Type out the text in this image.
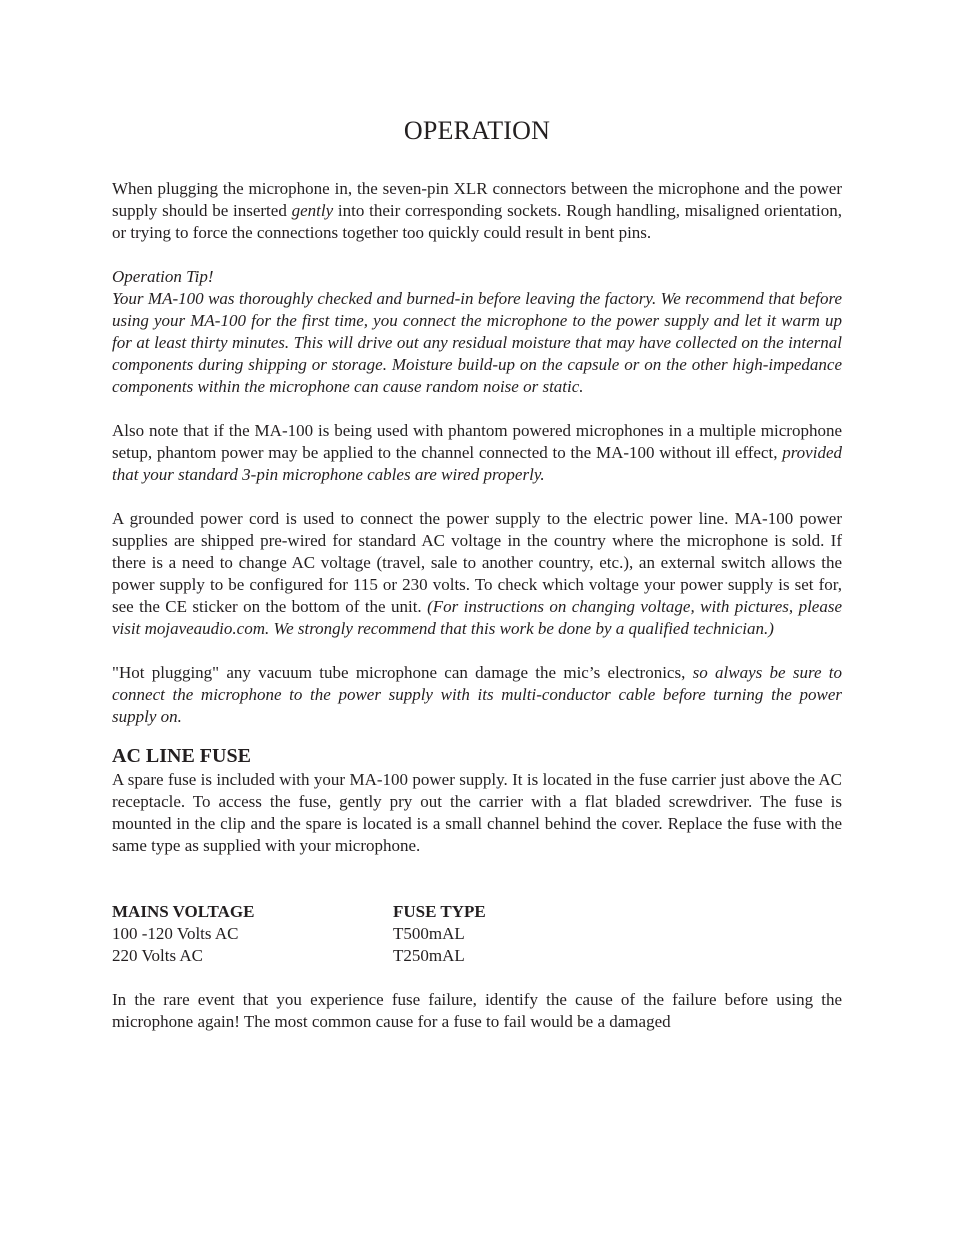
OPERATION

When plugging the microphone in, the seven-pin XLR connectors between the microphone and the power supply should be inserted gently into their corresponding sockets. Rough handling, misaligned orientation, or trying to force the connections together too quickly could result in bent pins.

Operation Tip!

Your MA-100 was thoroughly checked and burned-in before leaving the factory. We recommend that before using your MA-100 for the first time, you connect the microphone to the power supply and let it warm up for at least thirty minutes. This will drive out any residual moisture that may have collected on the internal components during shipping or storage. Moisture build-up on the capsule or on the other high-impedance components within the microphone can cause random noise or static.

Also note that if the MA-100 is being used with phantom powered microphones in a multiple microphone setup, phantom power may be applied to the channel connected to the MA-100 without ill effect, provided that your standard 3-pin microphone cables are wired properly.

A grounded power cord is used to connect the power supply to the electric power line. MA-100 power supplies are shipped pre-wired for standard AC voltage in the country where the microphone is sold. If there is a need to change AC voltage (travel, sale to another country, etc.), an external switch allows the power supply to be configured for 115 or 230 volts. To check which voltage your power supply is set for, see the CE sticker on the bottom of the unit. (For instructions on changing voltage, with pictures, please visit mojaveaudio.com. We strongly recommend that this work be done by a qualified technician.)

"Hot plugging" any vacuum tube microphone can damage the mic’s electronics, so always be sure to connect the microphone to the power supply with its multi-conductor cable before turning the power supply on.

AC LINE FUSE

A spare fuse is included with your MA-100 power supply. It is located in the fuse carrier just above the AC receptacle. To access the fuse, gently pry out the carrier with a flat bladed screwdriver. The fuse is mounted in the clip and the spare is located is a small channel behind the cover. Replace the fuse with the same type as supplied with your microphone.

MAINS VOLTAGE	FUSE TYPE
100 -120 Volts AC	T500mAL
220 Volts AC	T250mAL

In the rare event that you experience fuse failure, identify the cause of the failure before using the microphone again! The most common cause for a fuse to fail would be a damaged
